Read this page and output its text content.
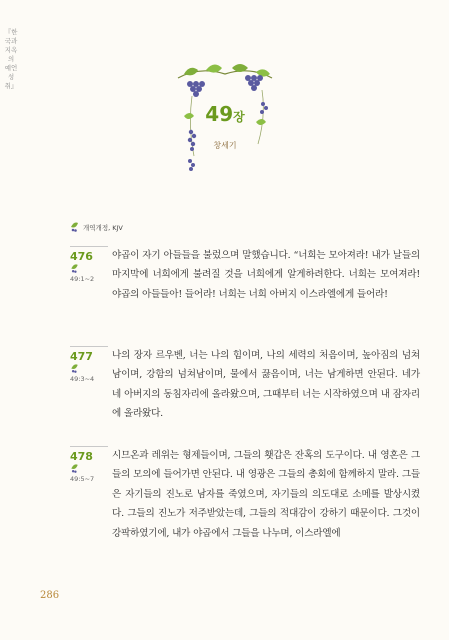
『한국과 지옥의 예언 성취』
49장
창세기
개역개정, KJV
476
49:1~2
야곱이 자기 아들들을 불렀으며 말했습니다. “너희는 모아져라! 내가 날들의 마지막에 너희에게 불려질 것을 너희에게 알게하려한다. 너희는 모여져라! 야곱의 아들들아! 들어라! 너희는 너희 아버지 이스라엘에게 들어라!
477
49:3~4
나의 장자 르우벤, 너는 나의 힘이며, 나의 세력의 처음이며, 높아짐의 넘쳐남이며, 강함의 넘쳐남이며, 물에서 끓음이며, 너는 남게하면 안된다. 네가 네 아버지의 동침자리에 올라왔으며, 그때부터 너는 시작하였으며 내 잠자리에 올라왔다.
478
49:5~7
시므온과 레위는 형제들이며, 그들의 횃갑은 잔혹의 도구이다. 내 영혼은 그들의 모의에 들어가면 안된다. 내 영광은 그들의 총회에 함께하지 말라. 그들은 자기들의 진노로 남자를 죽였으며, 자기들의 의도대로 소메를 발상시켰다. 그들의 진노가 저주받았는데, 그들의 적대감이 강하기 때문이다. 그것이 강팍하였기에, 내가 야곱에서 그들을 나누며, 이스라엘에
286
